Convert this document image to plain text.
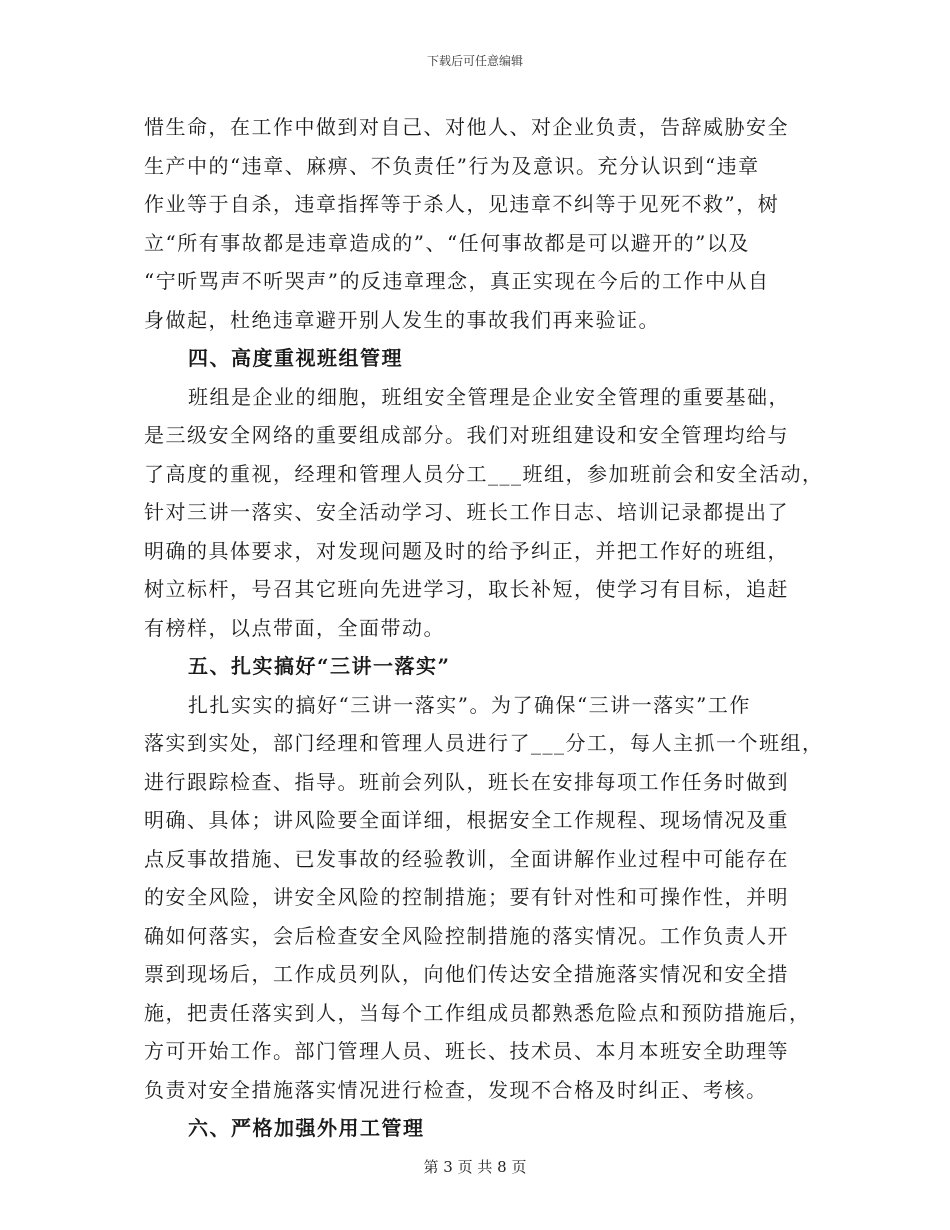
下载后可任意编辑
惜生命，在工作中做到对自己、对他人、对企业负责，告辞威胁安全
生产中的“违章、麻痹、不负责任”行为及意识。充分认识到“违章
作业等于自杀，违章指挥等于杀人，见违章不纠等于见死不救”，树
立“所有事故都是违章造成的”、“任何事故都是可以避开的”以及
“宁听骂声不听哭声”的反违章理念，真正实现在今后的工作中从自
身做起，杜绝违章避开别人发生的事故我们再来验证。
四、高度重视班组管理
班组是企业的细胞，班组安全管理是企业安全管理的重要基础，
是三级安全网络的重要组成部分。我们对班组建设和安全管理均给与
了高度的重视，经理和管理人员分工___班组，参加班前会和安全活动，
针对三讲一落实、安全活动学习、班长工作日志、培训记录都提出了
明确的具体要求，对发现问题及时的给予纠正，并把工作好的班组，
树立标杆，号召其它班向先进学习，取长补短，使学习有目标，追赶
有榜样，以点带面，全面带动。
五、扎实搞好“三讲一落实”
扎扎实实的搞好“三讲一落实”。为了确保“三讲一落实”工作
落实到实处，部门经理和管理人员进行了___分工，每人主抓一个班组，
进行跟踪检查、指导。班前会列队，班长在安排每项工作任务时做到
明确、具体；讲风险要全面详细，根据安全工作规程、现场情况及重
点反事故措施、已发事故的经验教训，全面讲解作业过程中可能存在
的安全风险，讲安全风险的控制措施；要有针对性和可操作性，并明
确如何落实，会后检查安全风险控制措施的落实情况。工作负责人开
票到现场后，工作成员列队，向他们传达安全措施落实情况和安全措
施，把责任落实到人，当每个工作组成员都熟悉危险点和预防措施后，
方可开始工作。部门管理人员、班长、技术员、本月本班安全助理等
负责对安全措施落实情况进行检查，发现不合格及时纠正、考核。
六、严格加强外用工管理
第 3 页 共 8 页
